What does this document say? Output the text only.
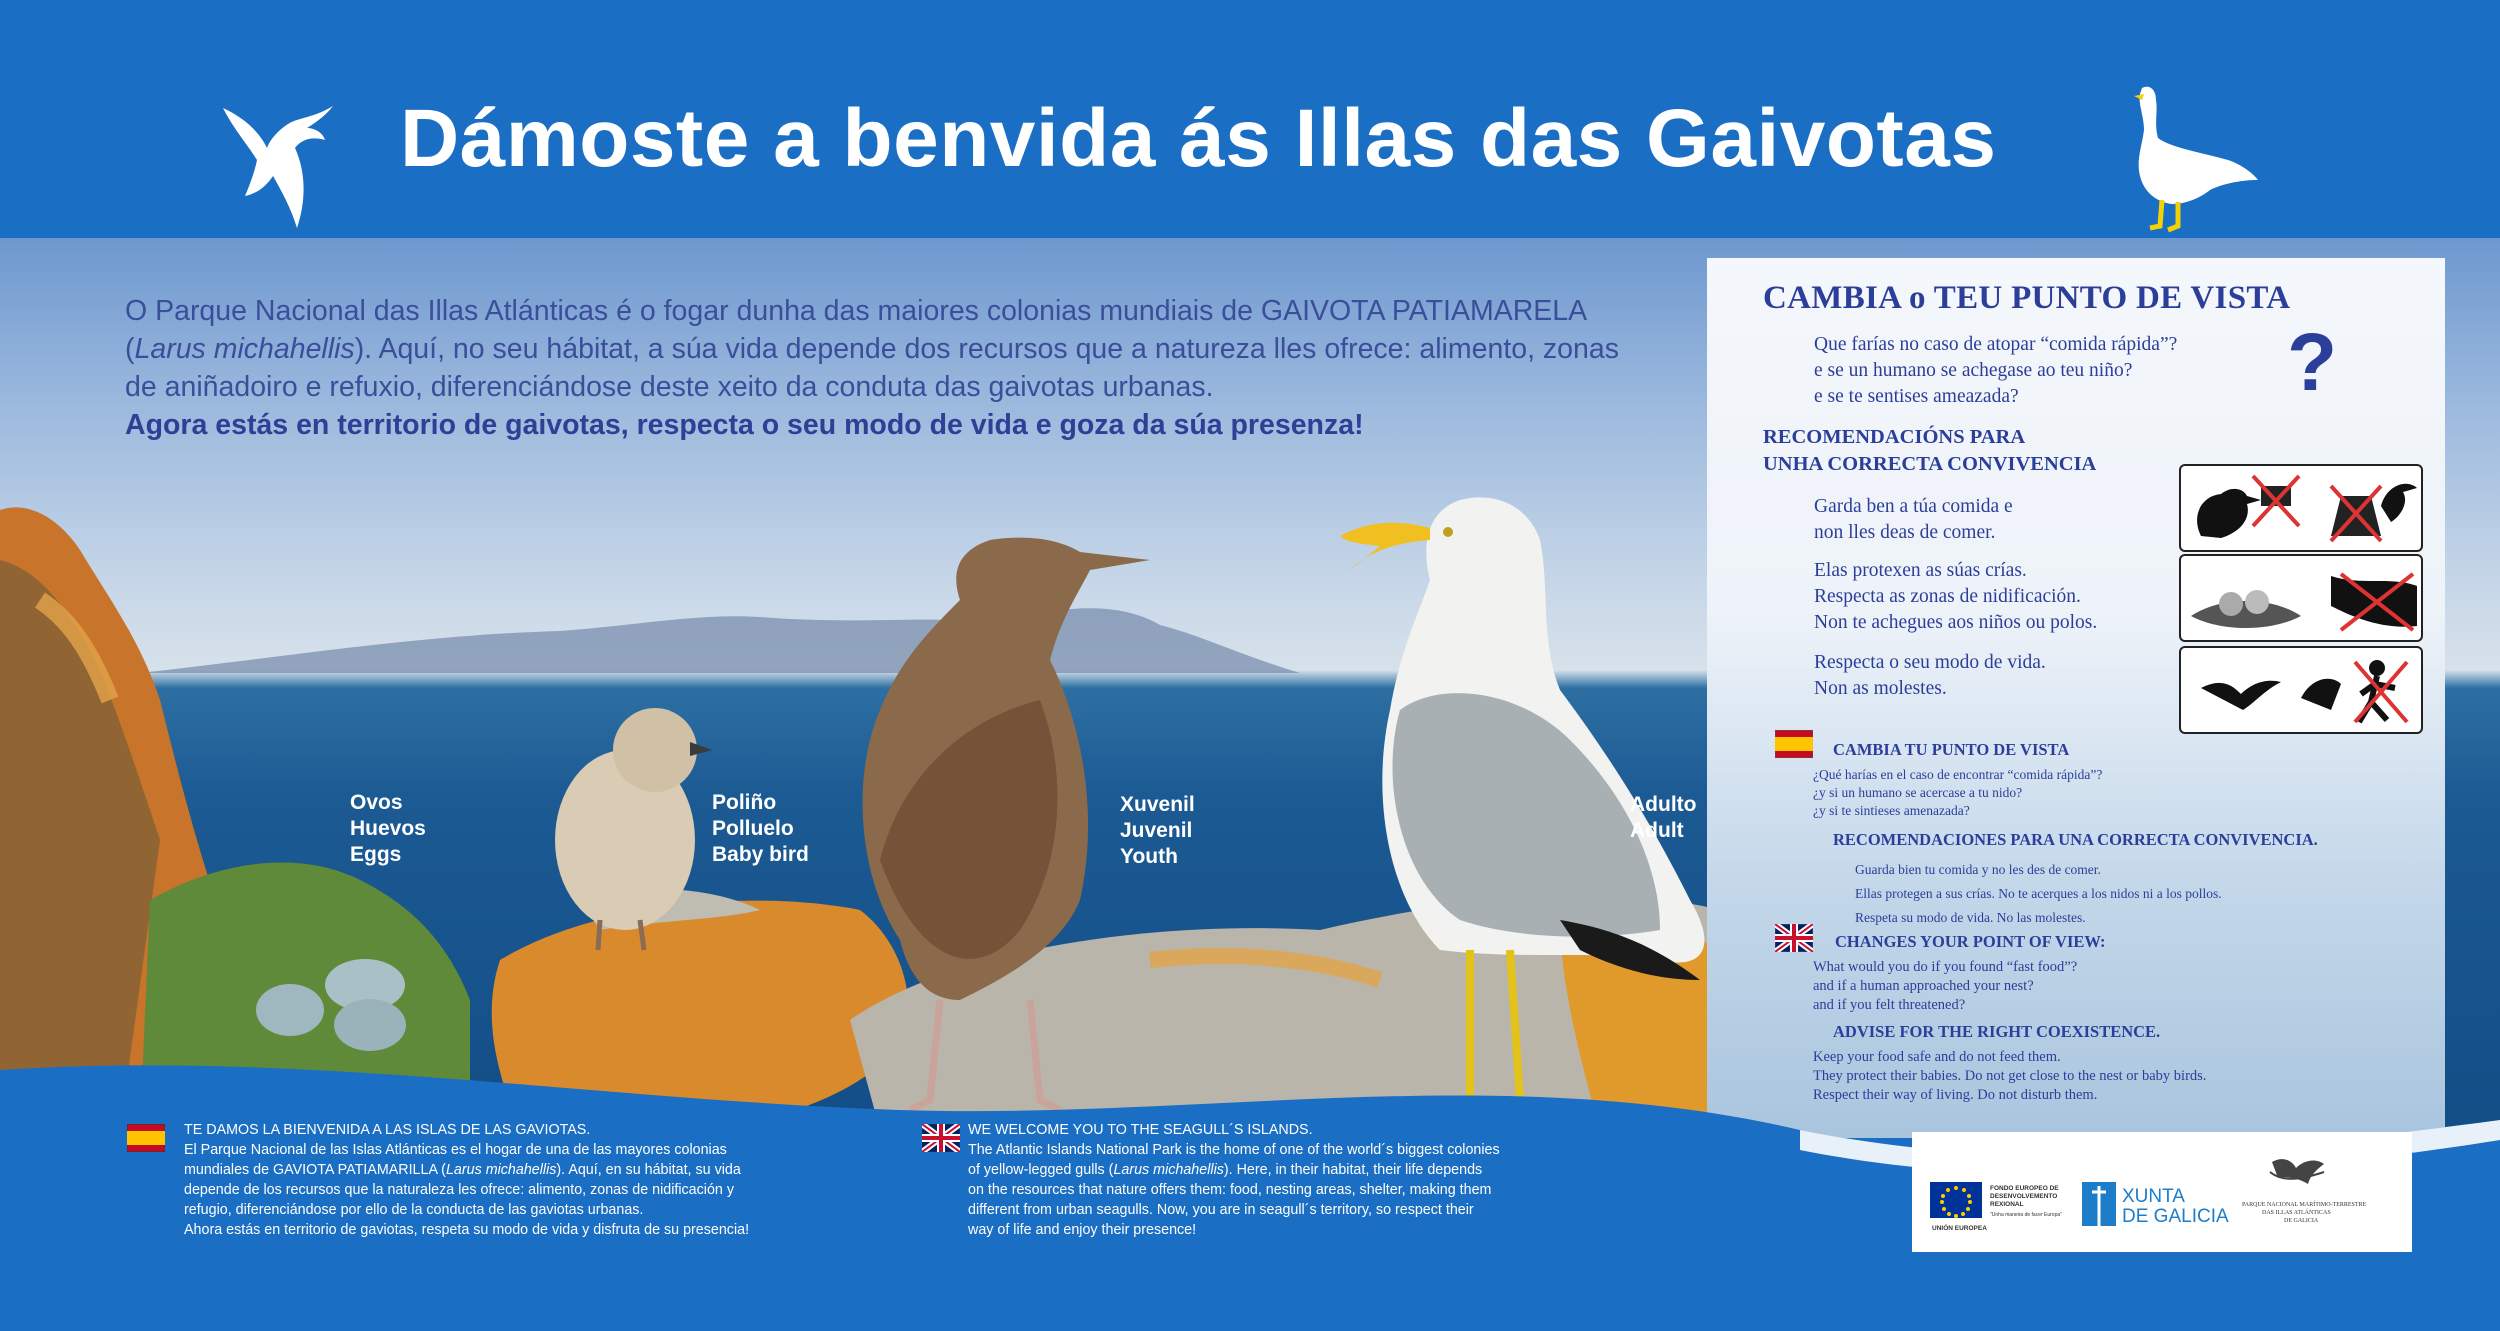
Dámoste a benvida ás Illas das Gaivotas
O Parque Nacional das Illas Atlánticas é o fogar dunha das maiores colonias mundiais de GAIVOTA PATIAMARELA
(Larus michahellis). Aquí, no seu hábitat, a súa vida depende dos recursos que a natureza lles ofrece: alimento, zonas
de aniñadoiro e refuxio, diferenciándose deste xeito da conduta das gaivotas urbanas.
Agora estás en territorio de gaivotas, respecta o seu modo de vida e goza da súa presenza!
Ovos
Huevos
Eggs
Poliño
Polluelo
Baby bird
Xuvenil
Juvenil
Youth
Adulto
Adult
CAMBIA o TEU PUNTO DE VISTA
Que farías no caso de atopar “comida rápida”?
e se un humano se achegase ao teu niño?
e se te sentises ameazada?	?
RECOMENDACIÓNS PARA
UNHA CORRECTA CONVIVENCIA
Garda ben a túa comida e
non lles deas de comer.
Elas protexen as súas crías.
Respecta as zonas de nidificación.
Non te achegues aos niños ou polos.
Respecta o seu modo de vida.
Non as molestes.
CAMBIA TU PUNTO DE VISTA
¿Qué harías en el caso de encontrar “comida rápida”?
¿y si un humano se acercase a tu nido?
¿y si te sintieses amenazada?
RECOMENDACIONES PARA UNA CORRECTA CONVIVENCIA.
Guarda bien tu comida y no les des de comer.
Ellas protegen a sus crías. No te acerques a los nidos ni a los pollos.
Respeta su modo de vida. No las molestes.
CHANGES YOUR POINT OF VIEW:
What would you do if you found “fast food”?
and if a human approached your nest?
and if you felt threatened?
ADVISE FOR THE RIGHT COEXISTENCE.
Keep your food safe and do not feed them.
They protect their babies. Do not get close to the nest or baby birds.
Respect their way of living. Do not disturb them.
TE DAMOS LA BIENVENIDA A LAS ISLAS DE LAS GAVIOTAS.
El Parque Nacional de las Islas Atlánticas es el hogar de una de las mayores colonias
mundiales de GAVIOTA PATIAMARILLA (Larus michahellis). Aquí, en su hábitat, su vida
depende de los recursos que la naturaleza les ofrece: alimento, zonas de nidificación y
refugio, diferenciándose por ello de la conducta de las gaviotas urbanas.
Ahora estás en territorio de gaviotas, respeta su modo de vida y disfruta de su presencia!
WE WELCOME YOU TO THE SEAGULL´S ISLANDS.
The Atlantic Islands National Park is the home of one of the world´s biggest colonies
of yellow-legged gulls (Larus michahellis). Here, in their habitat, their life depends
on the resources that nature offers them: food, nesting areas, shelter, making them
different from urban seagulls. Now, you are in seagull´s territory, so respect their
way of life and enjoy their presence!	UNIÓN EUROPEA
FONDO EUROPEO DE
DESENVOLVEMENTO
REXIONAL
"Unha maneira de facer Europa"
XUNTA
DE GALICIA
PARQUE NACIONAL MARÍTIMO-TERRESTRE
DAS ILLAS ATLÁNTICAS
DE GALICIA
